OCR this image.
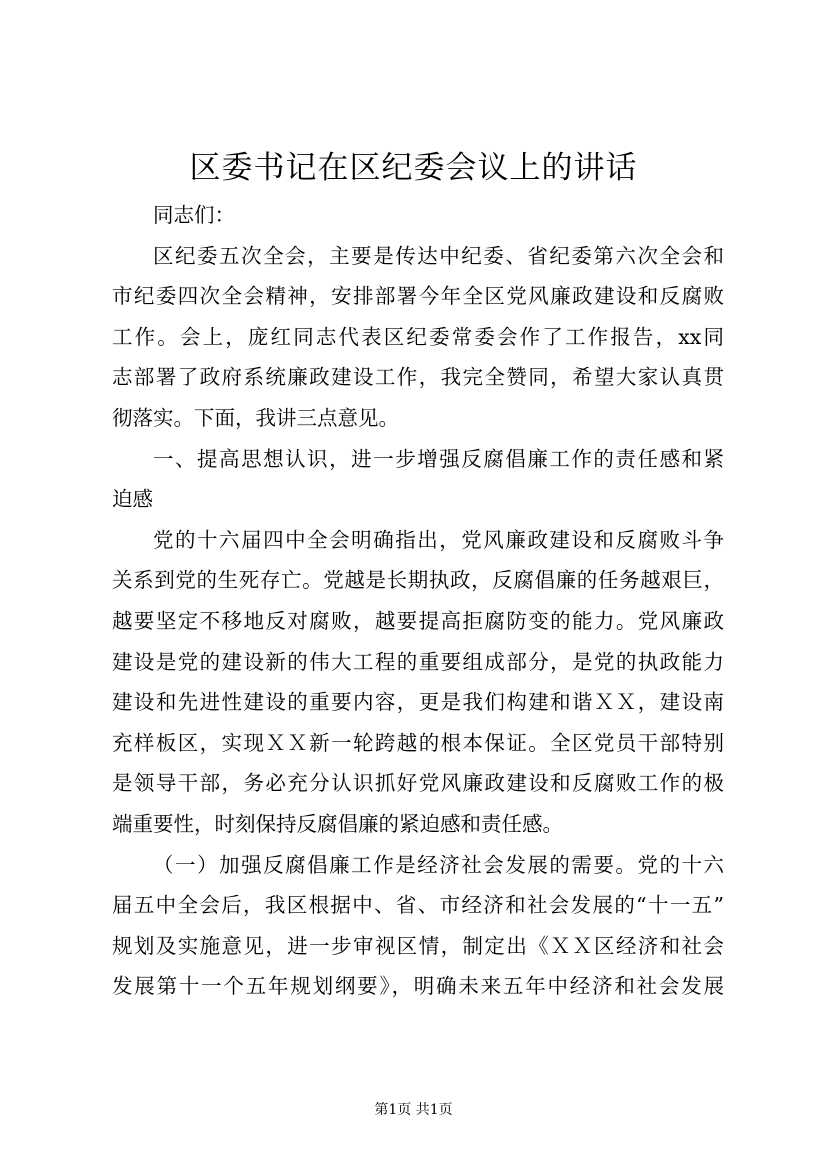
区委书记在区纪委会议上的讲话
同志们：
区纪委五次全会，主要是传达中纪委、省纪委第六次全会和
市纪委四次全会精神，安排部署今年全区党风廉政建设和反腐败
工作。会上，庞红同志代表区纪委常委会作了工作报告，xx同
志部署了政府系统廉政建设工作，我完全赞同，希望大家认真贯
彻落实。下面，我讲三点意见。
一、提高思想认识，进一步增强反腐倡廉工作的责任感和紧
迫感
党的十六届四中全会明确指出，党风廉政建设和反腐败斗争
关系到党的生死存亡。党越是长期执政，反腐倡廉的任务越艰巨，
越要坚定不移地反对腐败，越要提高拒腐防变的能力。党风廉政
建设是党的建设新的伟大工程的重要组成部分，是党的执政能力
建设和先进性建设的重要内容，更是我们构建和谐ＸＸ，建设南
充样板区，实现ＸＸ新一轮跨越的根本保证。全区党员干部特别
是领导干部，务必充分认识抓好党风廉政建设和反腐败工作的极
端重要性，时刻保持反腐倡廉的紧迫感和责任感。
（一）加强反腐倡廉工作是经济社会发展的需要。党的十六
届五中全会后，我区根据中、省、市经济和社会发展的“十一五”
规划及实施意见，进一步审视区情，制定出《ＸＸ区经济和社会
发展第十一个五年规划纲要》，明确未来五年中经济和社会发展
第1页 共1页
